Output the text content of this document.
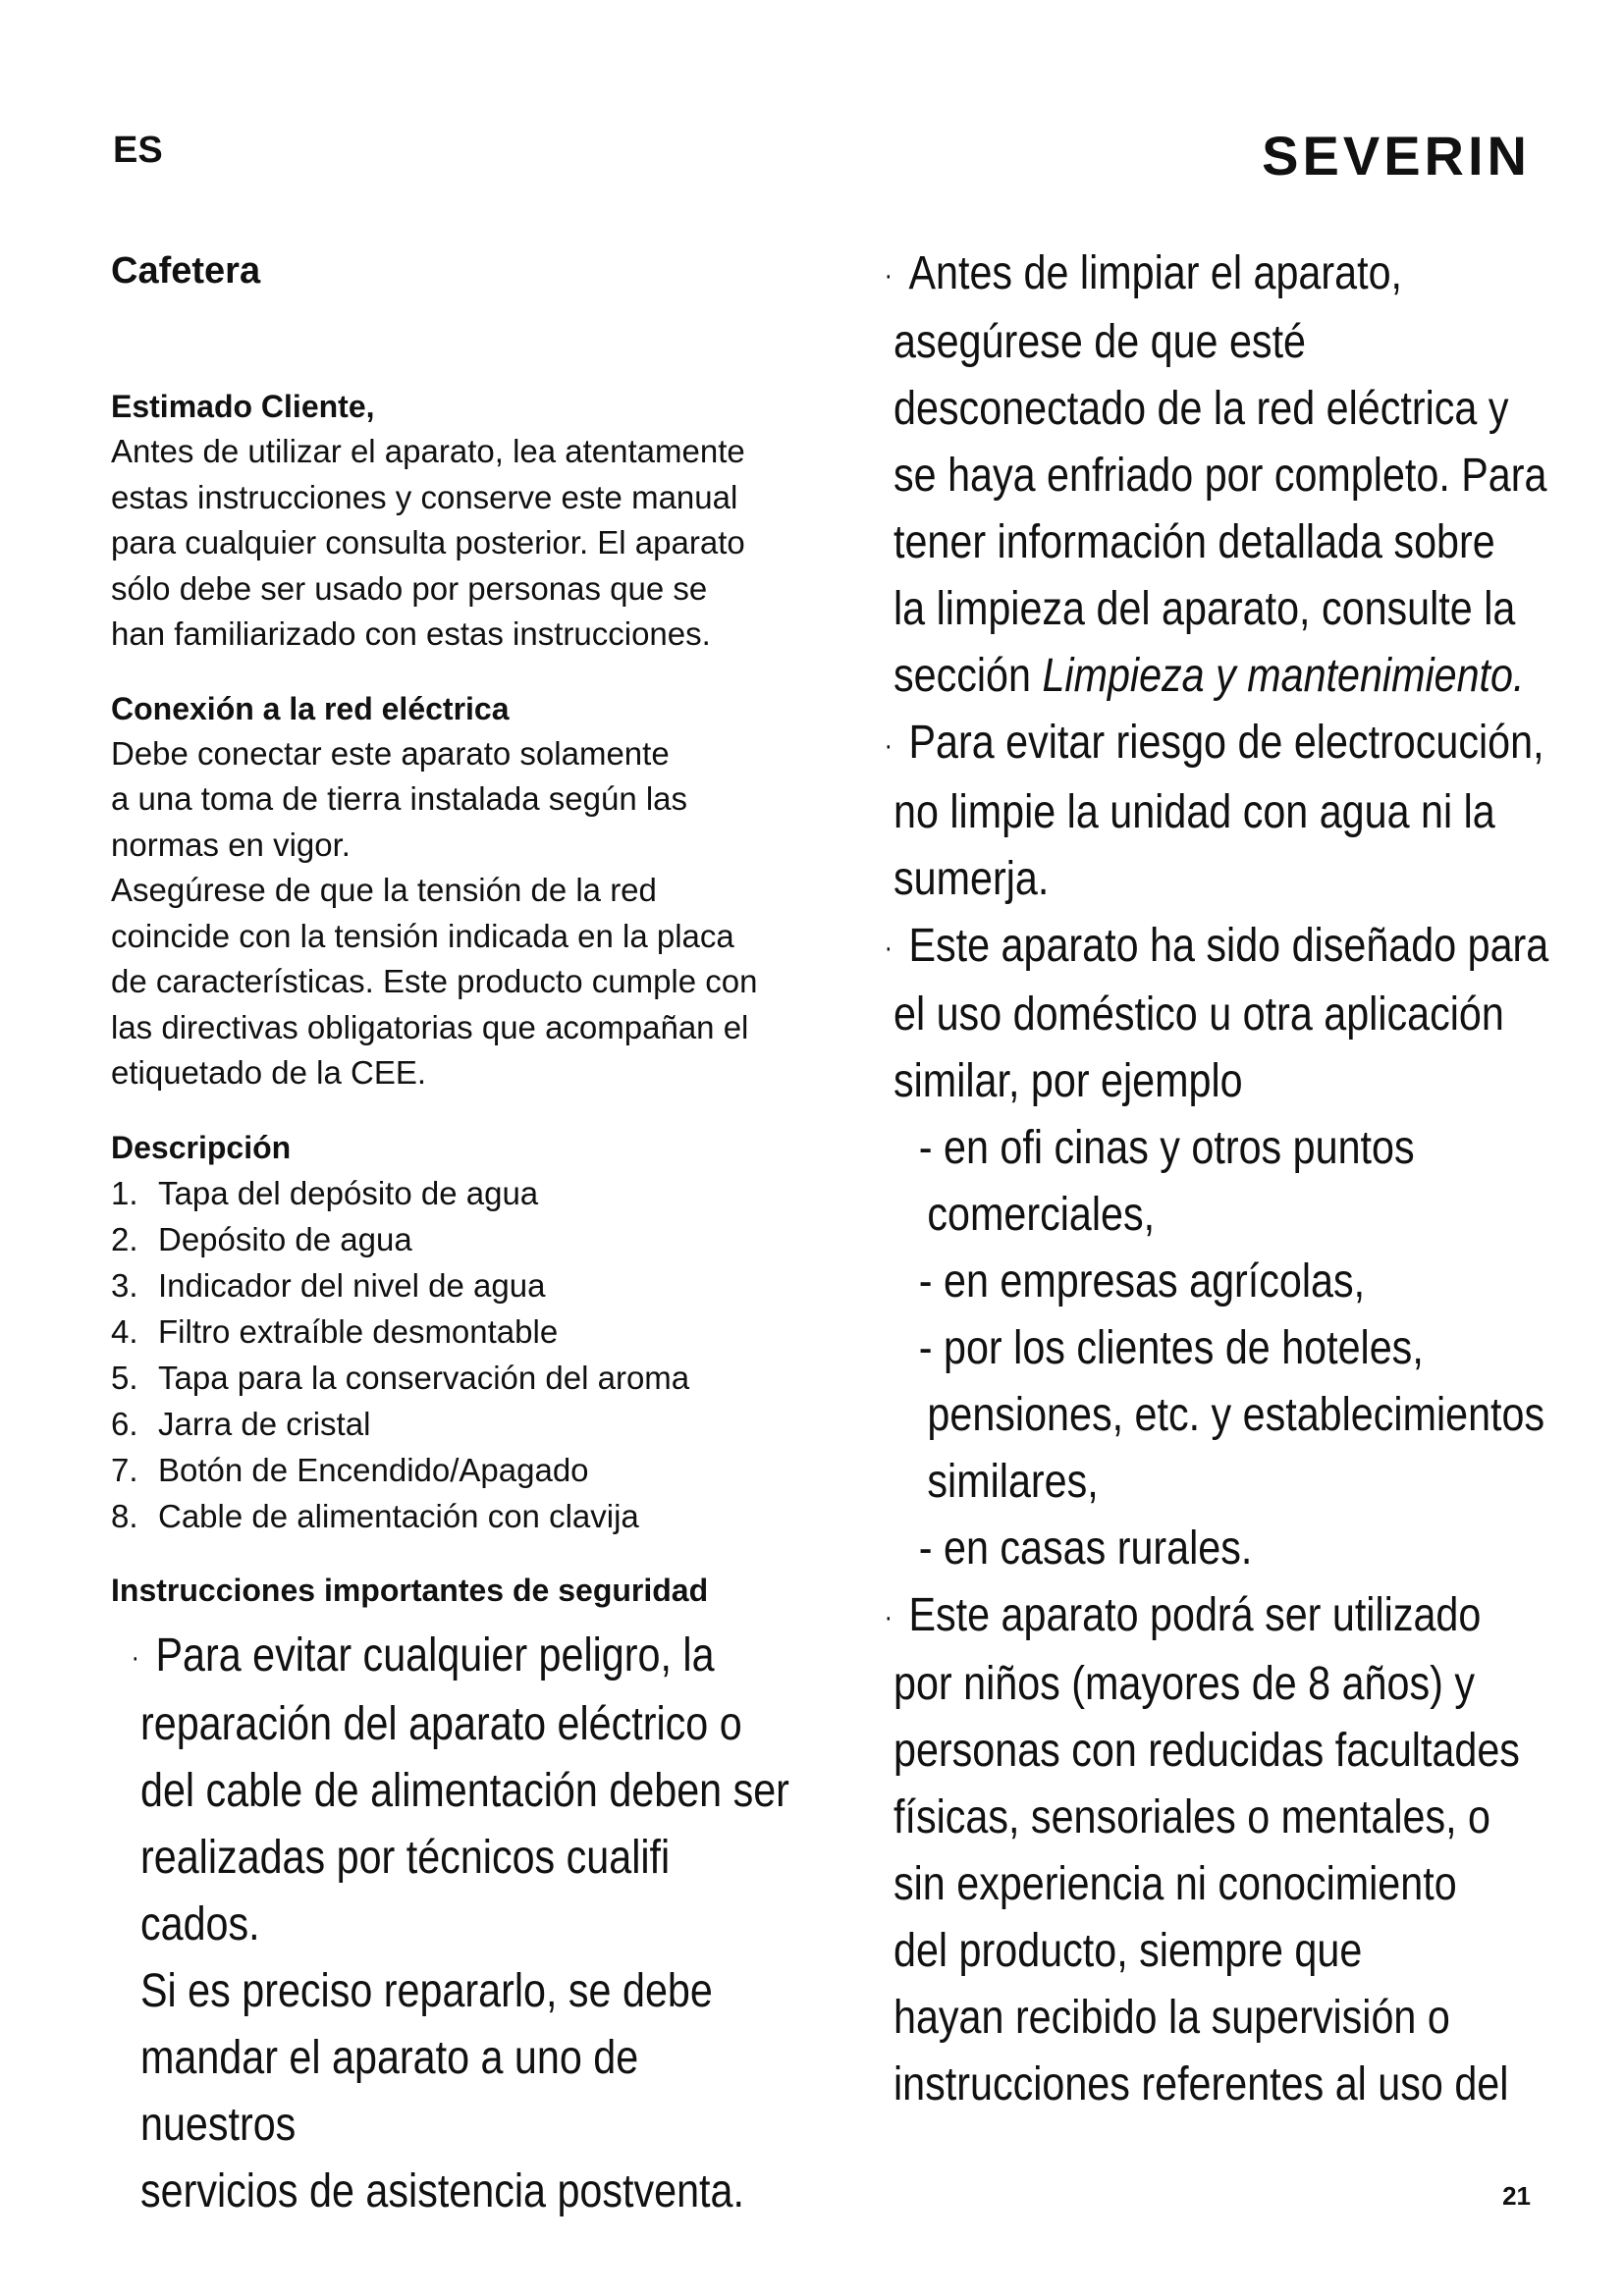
ES	SEVERIN
Cafetera
Estimado Cliente,

Antes de utilizar el aparato, lea atentamente
estas instrucciones y conserve este manual
para cualquier consulta posterior. El aparato
sólo debe ser usado por personas que se
han familiarizado con estas instrucciones.

Conexión a la red eléctrica

Debe conectar este aparato solamente
a una toma de tierra instalada según las
normas en vigor.
Asegúrese de que la tensión de la red
coincide con la tensión indicada en la placa
de características. Este producto cumple con
las directivas obligatorias que acompañan el
etiquetado de la CEE.

Descripción
1. Tapa del depósito de agua
2. Depósito de agua
3. Indicador del nivel de agua
4. Filtro extraíble desmontable
5. Tapa para la conservación del aroma
6. Jarra de cristal
7. Botón de Encendido/Apagado
8. Cable de alimentación con clavija
Instrucciones importantes de seguridad
· Para evitar cualquier peligro, la
reparación del aparato eléctrico o
del cable de alimentación deben ser
realizadas por técnicos cualifi cados.
Si es preciso repararlo, se debe
mandar el aparato a uno de nuestros
servicios de asistencia postventa.
· Antes de limpiar el aparato,
asegúrese de que esté
desconectado de la red eléctrica y
se haya enfriado por completo. Para
tener información detallada sobre
la limpieza del aparato, consulte la
sección Limpieza y mantenimiento.
· Para evitar riesgo de electrocución,
no limpie la unidad con agua ni la
sumerja.
· Este aparato ha sido diseñado para
el uso doméstico u otra aplicación
similar, por ejemplo
- en ofi cinas y otros puntos
comerciales,
- en empresas agrícolas,
- por los clientes de hoteles,
pensiones, etc. y establecimientos
similares,
- en casas rurales.
· Este aparato podrá ser utilizado
por niños (mayores de 8 años) y
personas con reducidas facultades
físicas, sensoriales o mentales, o
sin experiencia ni conocimiento
del producto, siempre que
hayan recibido la supervisión o
instrucciones referentes al uso del
21
